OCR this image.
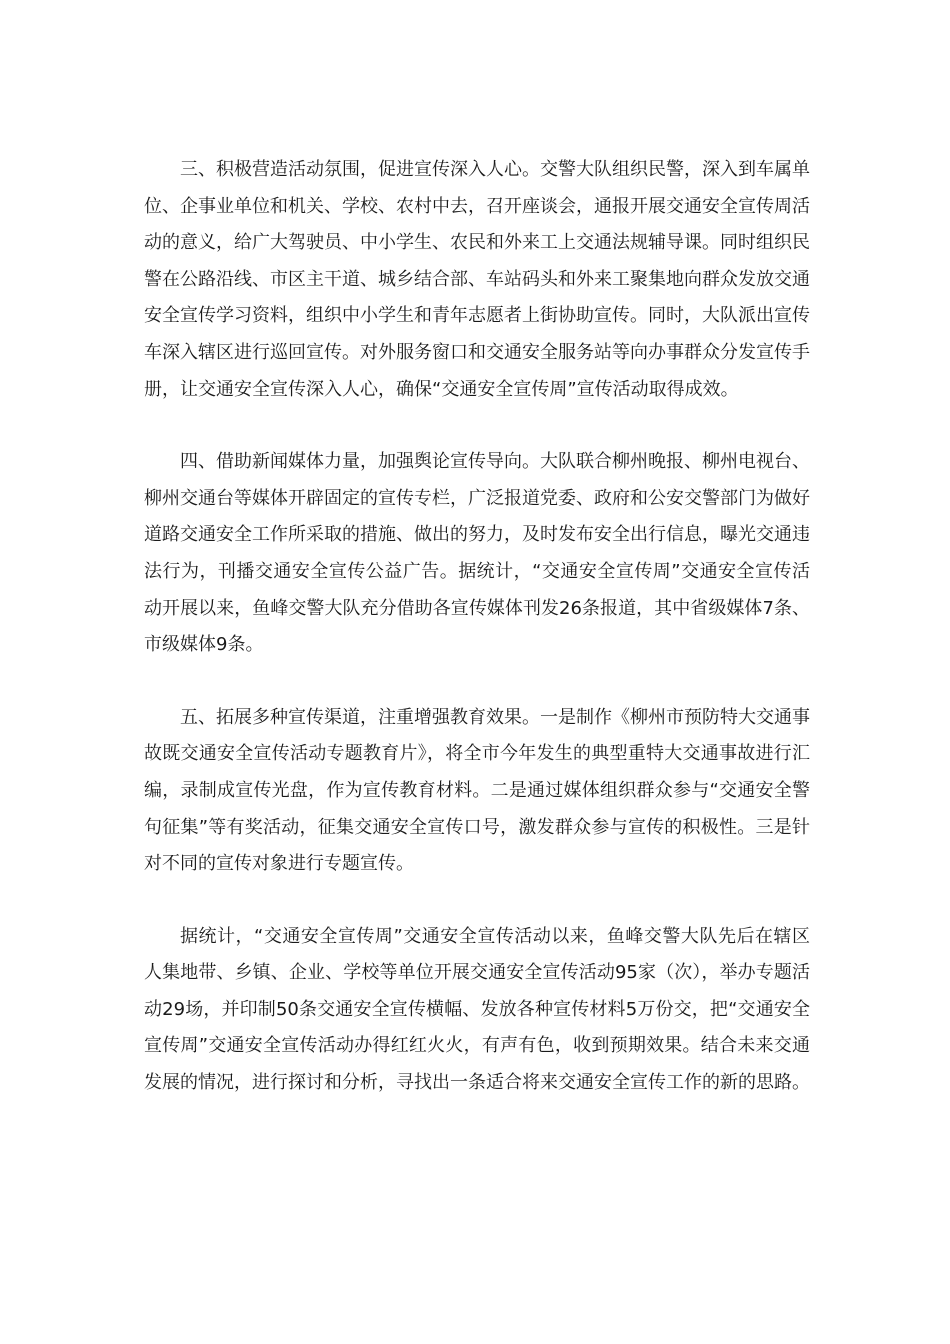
三、积极营造活动氛围，促进宣传深入人心。交警大队组织民警，深入到车属单位、企事业单位和机关、学校、农村中去，召开座谈会，通报开展交通安全宣传周活动的意义，给广大驾驶员、中小学生、农民和外来工上交通法规辅导课。同时组织民警在公路沿线、市区主干道、城乡结合部、车站码头和外来工聚集地向群众发放交通安全宣传学习资料，组织中小学生和青年志愿者上街协助宣传。同时，大队派出宣传车深入辖区进行巡回宣传。对外服务窗口和交通安全服务站等向办事群众分发宣传手册，让交通安全宣传深入人心，确保“交通安全宣传周”宣传活动取得成效。

四、借助新闻媒体力量，加强舆论宣传导向。大队联合柳州晚报、柳州电视台、柳州交通台等媒体开辟固定的宣传专栏，广泛报道党委、政府和公安交警部门为做好道路交通安全工作所采取的措施、做出的努力，及时发布安全出行信息，曝光交通违法行为，刊播交通安全宣传公益广告。据统计，“交通安全宣传周”交通安全宣传活动开展以来，鱼峰交警大队充分借助各宣传媒体刊发26条报道，其中省级媒体7条、市级媒体9条。

五、拓展多种宣传渠道，注重增强教育效果。一是制作《柳州市预防特大交通事故既交通安全宣传活动专题教育片》，将全市今年发生的典型重特大交通事故进行汇编，录制成宣传光盘，作为宣传教育材料。二是通过媒体组织群众参与“交通安全警句征集”等有奖活动，征集交通安全宣传口号，激发群众参与宣传的积极性。三是针对不同的宣传对象进行专题宣传。

据统计，“交通安全宣传周”交通安全宣传活动以来，鱼峰交警大队先后在辖区人集地带、乡镇、企业、学校等单位开展交通安全宣传活动95家（次），举办专题活动29场，并印制50条交通安全宣传横幅、发放各种宣传材料5万份交，把“交通安全宣传周”交通安全宣传活动办得红红火火，有声有色，收到预期效果。结合未来交通发展的情况，进行探讨和分析，寻找出一条适合将来交通安全宣传工作的新的思路。
